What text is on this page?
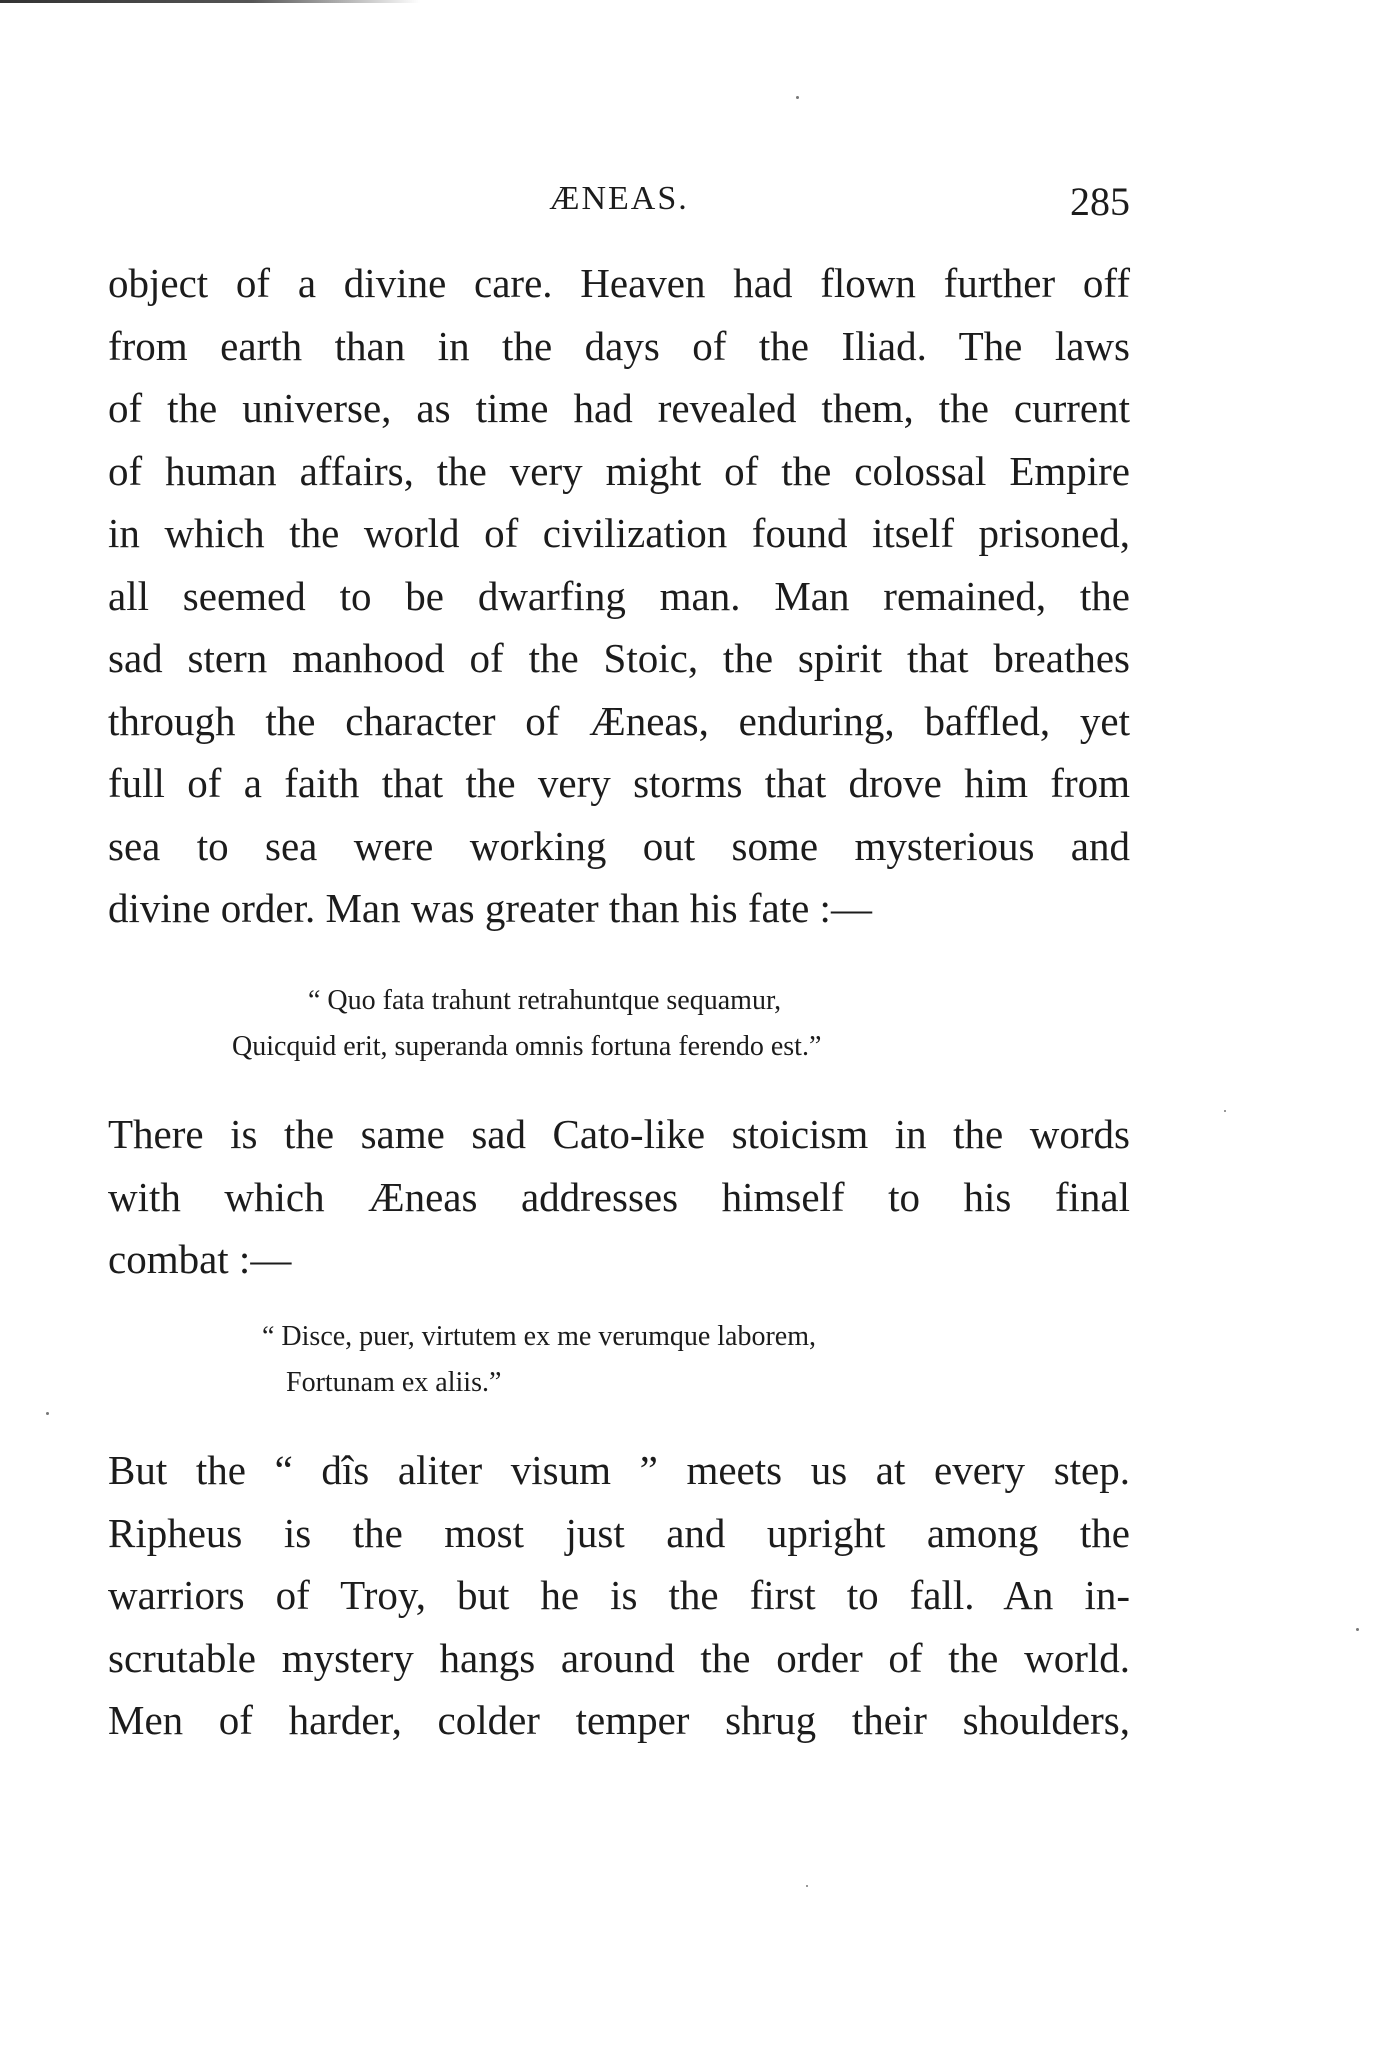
ÆNEAS.	285
object of a divine care. Heaven had flown further off
from earth than in the days of the Iliad. The laws
of the universe, as time had revealed them, the current
of human affairs, the very might of the colossal Empire
in which the world of civilization found itself prisoned,
all seemed to be dwarfing man. Man remained, the
sad stern manhood of the Stoic, the spirit that breathes
through the character of Æneas, enduring, baffled, yet
full of a faith that the very storms that drove him from
sea to sea were working out some mysterious and
divine order. Man was greater than his fate :—
“ Quo fata trahunt retrahuntque sequamur,
Quicquid erit, superanda omnis fortuna ferendo est.”
There is the same sad Cato-like stoicism in the words
with which Æneas addresses himself to his final
combat :—
“ Disce, puer, virtutem ex me verumque laborem,
Fortunam ex aliis.”
But the “ dîs aliter visum ” meets us at every step.
Ripheus is the most just and upright among the
warriors of Troy, but he is the first to fall. An in-
scrutable mystery hangs around the order of the world.
Men of harder, colder temper shrug their shoulders,
